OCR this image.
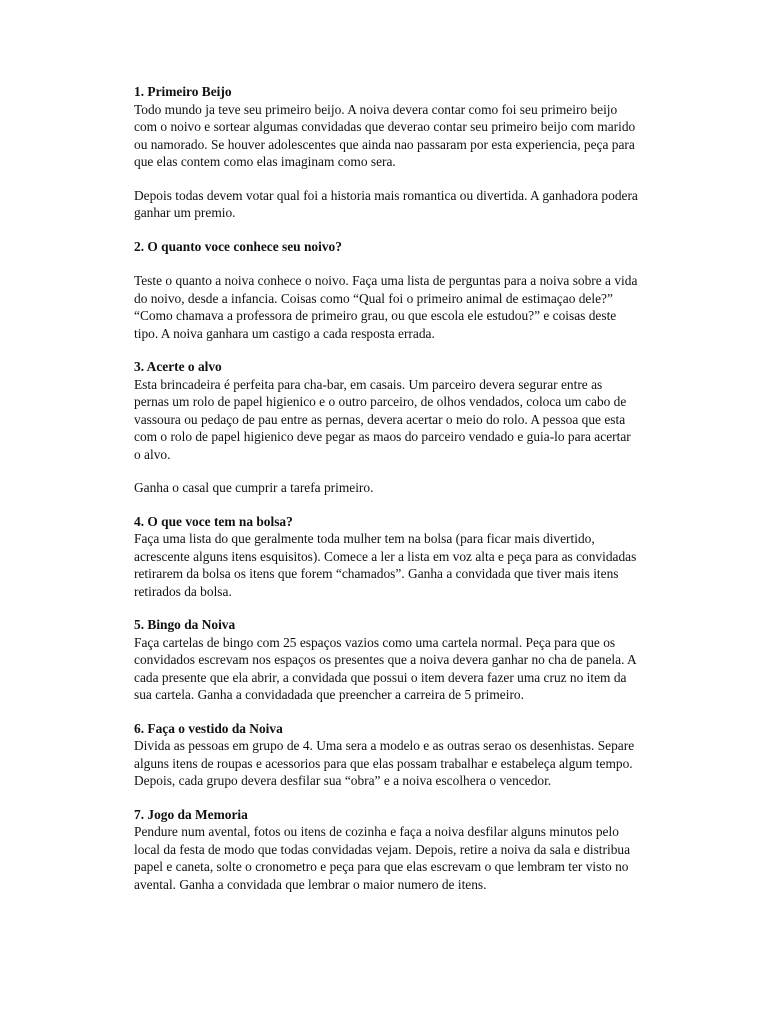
1. Primeiro Beijo

Todo mundo ja teve seu primeiro beijo. A noiva devera contar como foi seu primeiro beijo com o noivo e sortear algumas convidadas que deverao contar seu primeiro beijo com marido ou namorado. Se houver adolescentes que ainda nao passaram por esta experiencia, peça para que elas contem como elas imaginam como sera.

Depois todas devem votar qual foi a historia mais romantica ou divertida. A ganhadora podera ganhar um premio.

2. O quanto voce conhece seu noivo?

Teste o quanto a noiva conhece o noivo. Faça uma lista de perguntas para a noiva sobre a vida do noivo, desde a infancia. Coisas como “Qual foi o primeiro animal de estimaçao dele?” “Como chamava a professora de primeiro grau, ou que escola ele estudou?” e coisas deste tipo. A noiva ganhara um castigo a cada resposta errada.

3. Acerte o alvo

Esta brincadeira é perfeita para cha-bar, em casais. Um parceiro devera segurar entre as pernas um rolo de papel higienico e o outro parceiro, de olhos vendados, coloca um cabo de vassoura ou pedaço de pau entre as pernas, devera acertar o meio do rolo. A pessoa que esta com o rolo de papel higienico deve pegar as maos do parceiro vendado e guia-lo para acertar o alvo.

Ganha o casal que cumprir a tarefa primeiro.

4. O que voce tem na bolsa?

Faça uma lista do que geralmente toda mulher tem na bolsa (para ficar mais divertido, acrescente alguns itens esquisitos). Comece a ler a lista em voz alta e peça para as convidadas retirarem da bolsa os itens que forem “chamados”. Ganha a convidada que tiver mais itens retirados da bolsa.

5. Bingo da Noiva

Faça cartelas de bingo com 25 espaços vazios como uma cartela normal. Peça para que os convidados escrevam nos espaços os presentes que a noiva devera ganhar no cha de panela. A cada presente que ela abrir, a convidada que possui o item devera fazer uma cruz no item da sua cartela. Ganha a convidadada que preencher a carreira de 5 primeiro.

6. Faça o vestido da Noiva

Divida as pessoas em grupo de 4. Uma sera a modelo e as outras serao os desenhistas. Separe alguns itens de roupas e acessorios para que elas possam trabalhar e estabeleça algum tempo. Depois, cada grupo devera desfilar sua “obra” e a noiva escolhera o vencedor.

7. Jogo da Memoria

Pendure num avental, fotos ou itens de cozinha e faça a noiva desfilar alguns minutos pelo local da festa de modo que todas convidadas vejam. Depois, retire a noiva da sala e distribua papel e caneta, solte o cronometro e peça para que elas escrevam o que lembram ter visto no avental. Ganha a convidada que lembrar o maior numero de itens.
